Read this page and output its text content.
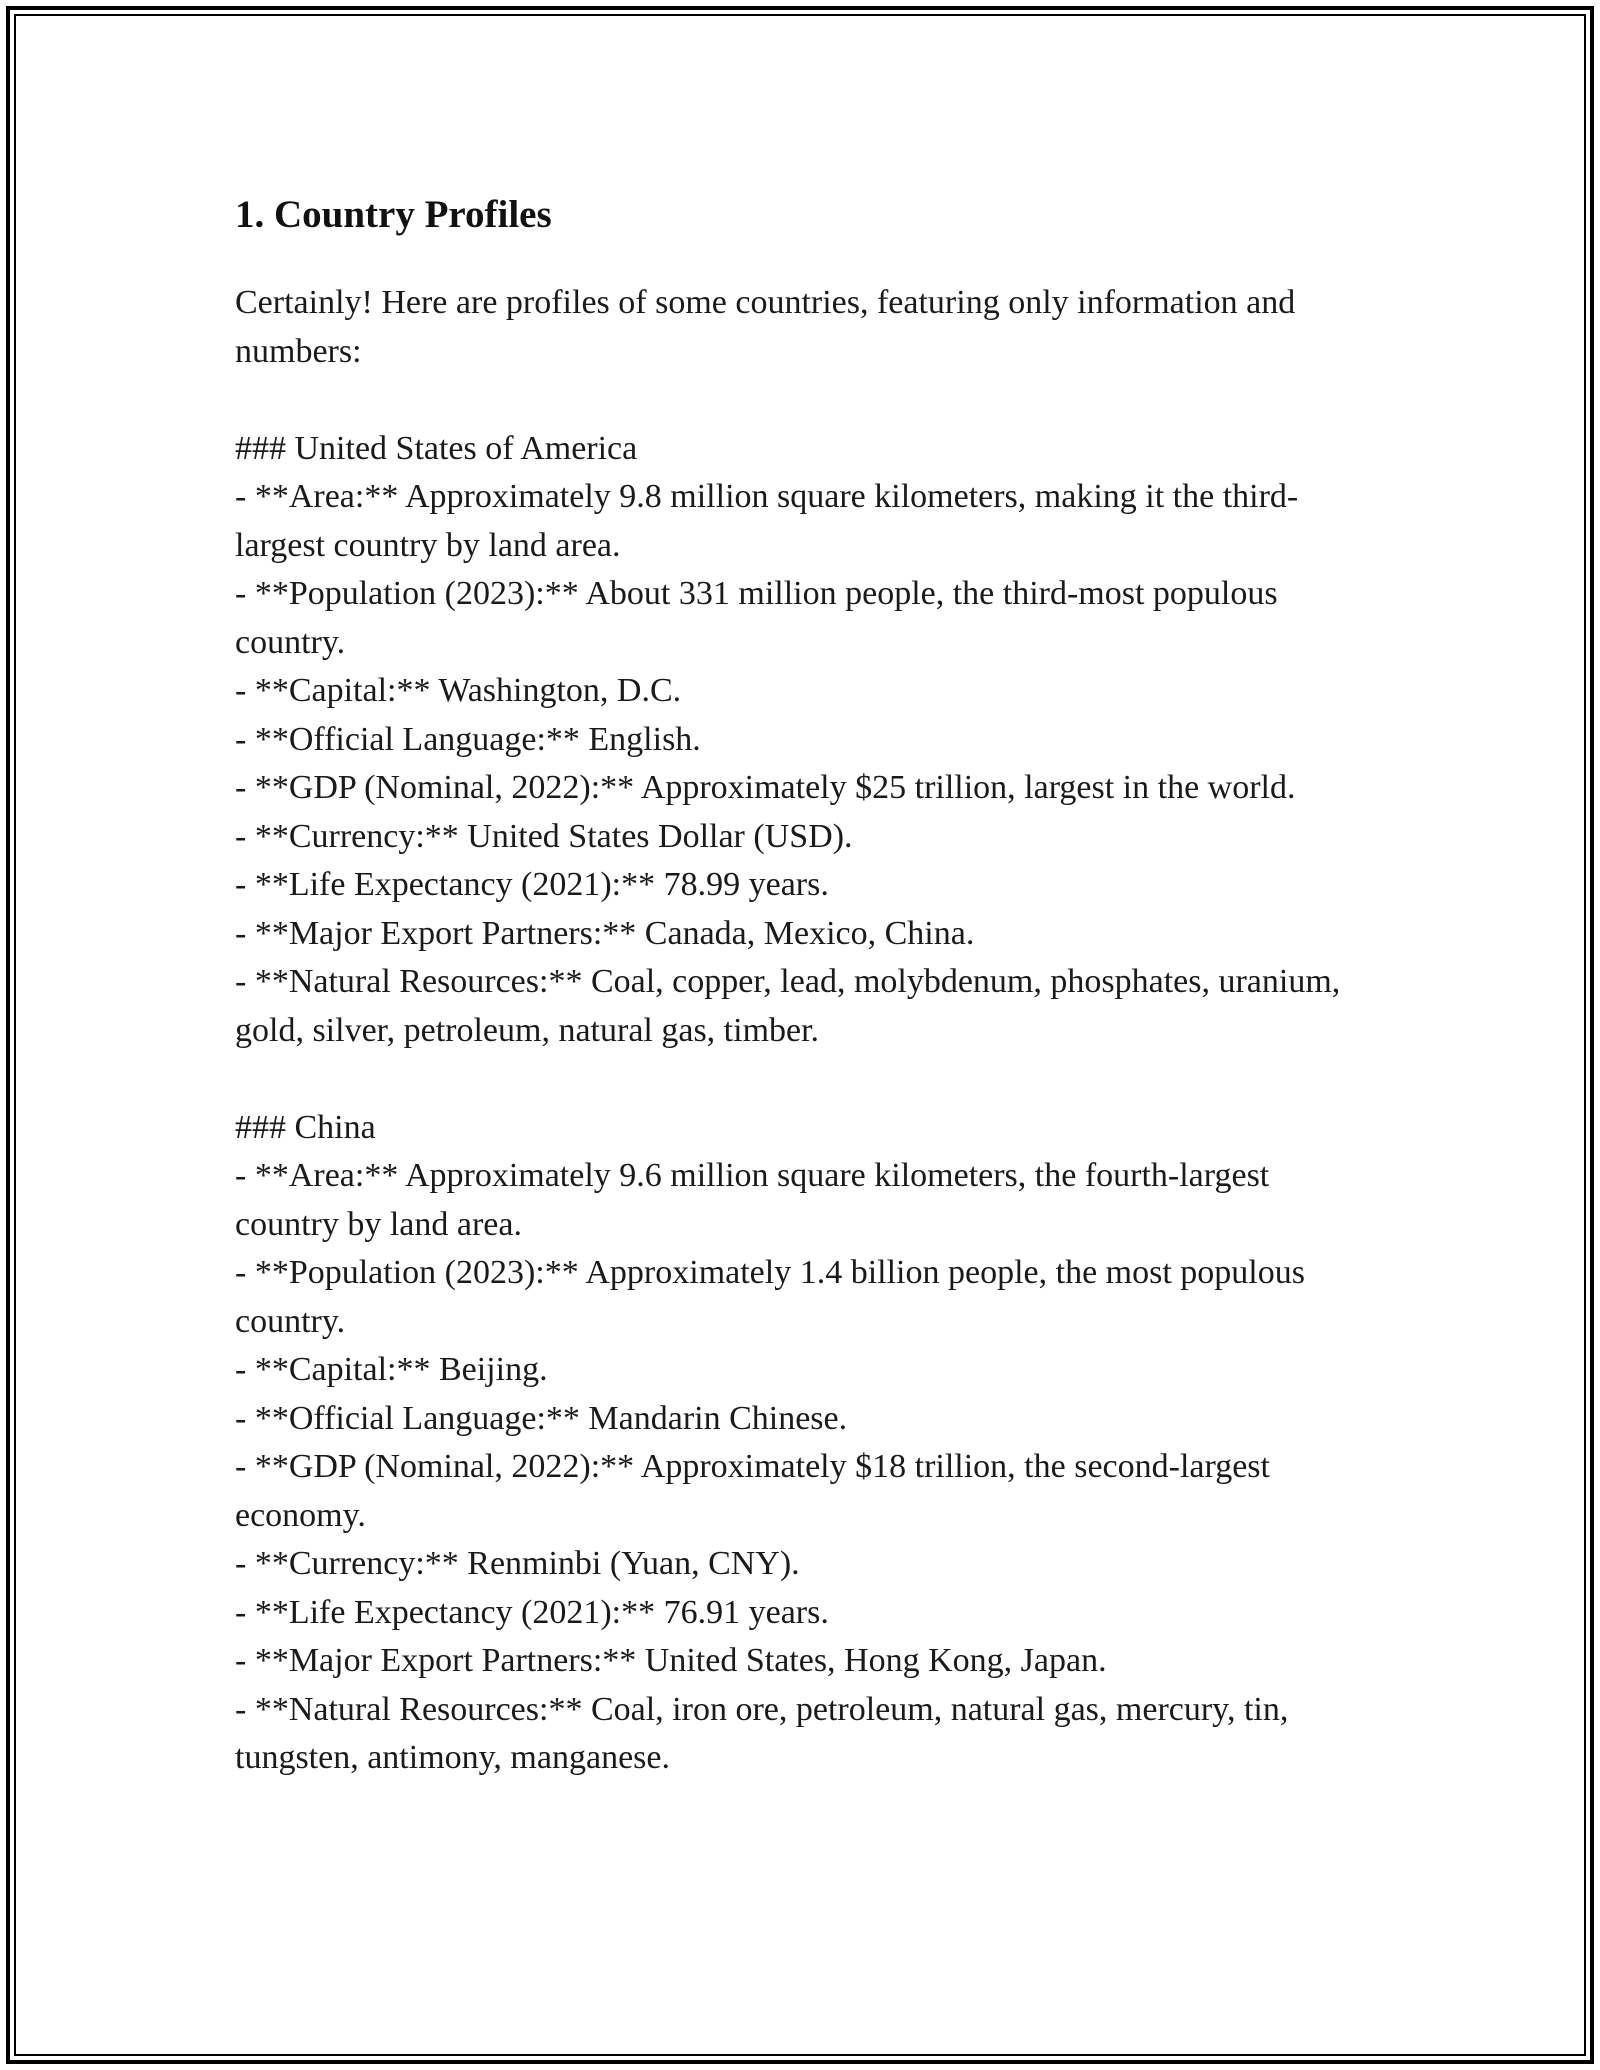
1. Country Profiles

Certainly! Here are profiles of some countries, featuring only information and numbers:

### United States of America

- **Area:** Approximately 9.8 million square kilometers, making it the third-largest country by land area.

- **Population (2023):** About 331 million people, the third-most populous country.

- **Capital:** Washington, D.C.

- **Official Language:** English.

- **GDP (Nominal, 2022):** Approximately $25 trillion, largest in the world.

- **Currency:** United States Dollar (USD).

- **Life Expectancy (2021):** 78.99 years.

- **Major Export Partners:** Canada, Mexico, China.

- **Natural Resources:** Coal, copper, lead, molybdenum, phosphates, uranium, gold, silver, petroleum, natural gas, timber.

### China

- **Area:** Approximately 9.6 million square kilometers, the fourth-largest country by land area.

- **Population (2023):** Approximately 1.4 billion people, the most populous country.

- **Capital:** Beijing.

- **Official Language:** Mandarin Chinese.

- **GDP (Nominal, 2022):** Approximately $18 trillion, the second-largest economy.

- **Currency:** Renminbi (Yuan, CNY).

- **Life Expectancy (2021):** 76.91 years.

- **Major Export Partners:** United States, Hong Kong, Japan.

- **Natural Resources:** Coal, iron ore, petroleum, natural gas, mercury, tin, tungsten, antimony, manganese.
